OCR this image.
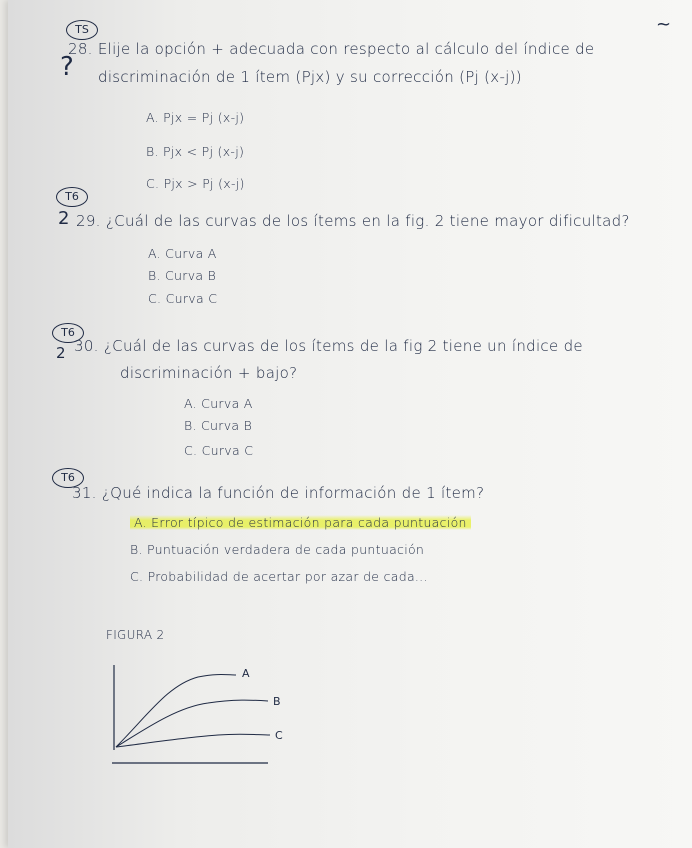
TS
?
28. Elije la opción + adecuada con respecto al cálculo del índice de
discriminación de 1 ítem (Pjx) y su corrección (Pj (x-j))
A. Pjx = Pj (x-j)
B. Pjx < Pj (x-j)
C. Pjx > Pj (x-j)
~
T6
2 29. ¿Cuál de las curvas de los ítems en la fig. 2 tiene mayor dificultad?
A. Curva A
B. Curva B
C. Curva C
T6
2 30. ¿Cuál de las curvas de los ítems de la fig 2 tiene un índice de
discriminación + bajo?
A. Curva A
B. Curva B
C. Curva C
T6
31. ¿Qué indica la función de información de 1 ítem?
A. Error típico de estimación para cada puntuación
B. Puntuación verdadera de cada puntuación
C. Probabilidad de acertar por azar de cada...
FIGURA 2
A
B
C
